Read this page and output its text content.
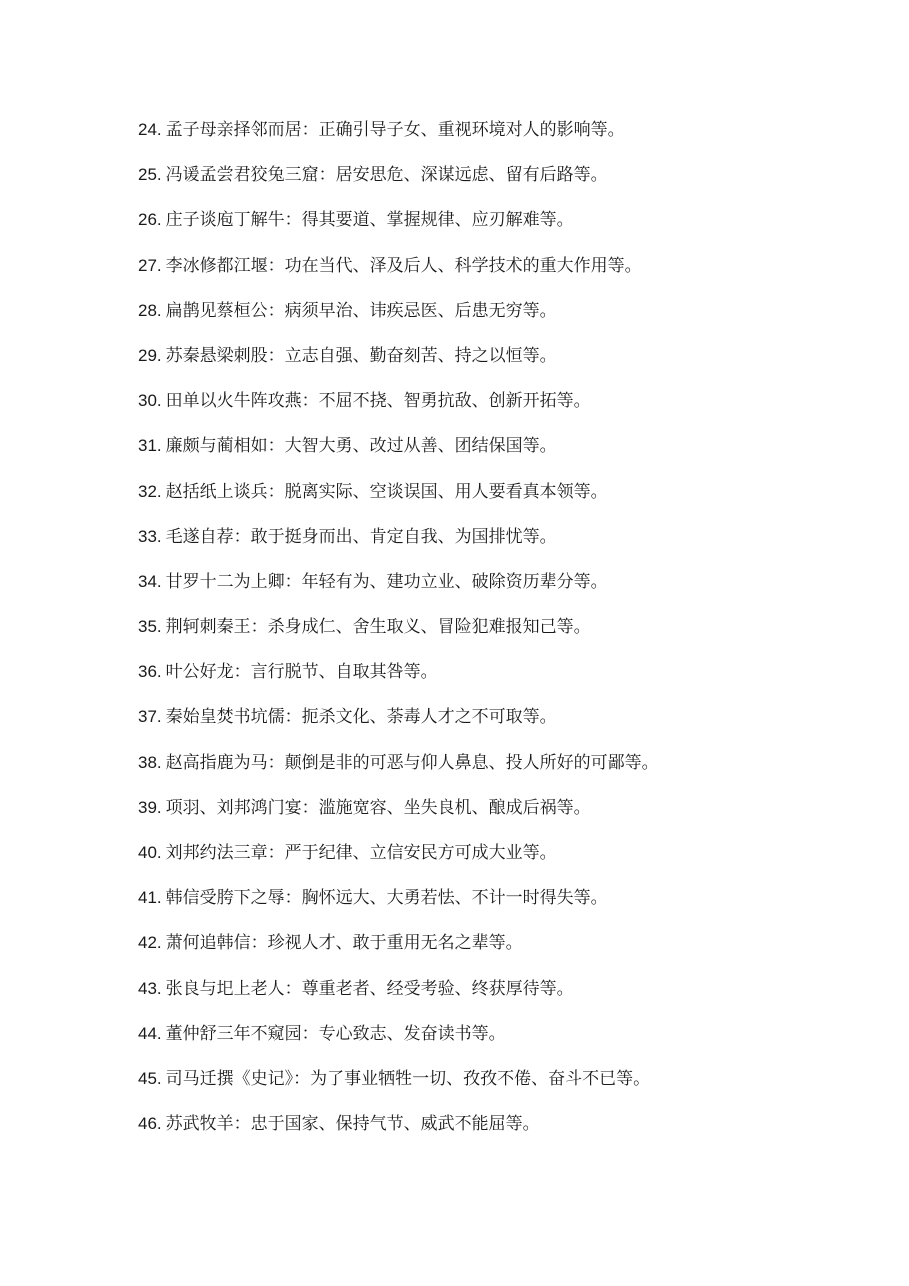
24. 孟子母亲择邻而居：正确引导子女、重视环境对人的影响等。
25. 冯谖孟尝君狡兔三窟：居安思危、深谋远虑、留有后路等。
26. 庄子谈庖丁解牛：得其要道、掌握规律、应刃解难等。
27. 李冰修都江堰：功在当代、泽及后人、科学技术的重大作用等。
28. 扁鹊见蔡桓公：病须早治、讳疾忌医、后患无穷等。
29. 苏秦悬梁刺股：立志自强、勤奋刻苦、持之以恒等。
30. 田单以火牛阵攻燕：不屈不挠、智勇抗敌、创新开拓等。
31. 廉颇与蔺相如：大智大勇、改过从善、团结保国等。
32. 赵括纸上谈兵：脱离实际、空谈误国、用人要看真本领等。
33. 毛遂自荐：敢于挺身而出、肯定自我、为国排忧等。
34. 甘罗十二为上卿：年轻有为、建功立业、破除资历辈分等。
35. 荆轲刺秦王：杀身成仁、舍生取义、冒险犯难报知己等。
36. 叶公好龙：言行脱节、自取其咎等。
37. 秦始皇焚书坑儒：扼杀文化、荼毒人才之不可取等。
38. 赵高指鹿为马：颠倒是非的可恶与仰人鼻息、投人所好的可鄙等。
39. 项羽、刘邦鸿门宴：滥施宽容、坐失良机、酿成后祸等。
40. 刘邦约法三章：严于纪律、立信安民方可成大业等。
41. 韩信受胯下之辱：胸怀远大、大勇若怯、不计一时得失等。
42. 萧何追韩信：珍视人才、敢于重用无名之辈等。
43. 张良与圯上老人：尊重老者、经受考验、终获厚待等。
44. 董仲舒三年不窥园：专心致志、发奋读书等。
45. 司马迁撰《史记》：为了事业牺牲一切、孜孜不倦、奋斗不已等。
46. 苏武牧羊：忠于国家、保持气节、威武不能屈等。
